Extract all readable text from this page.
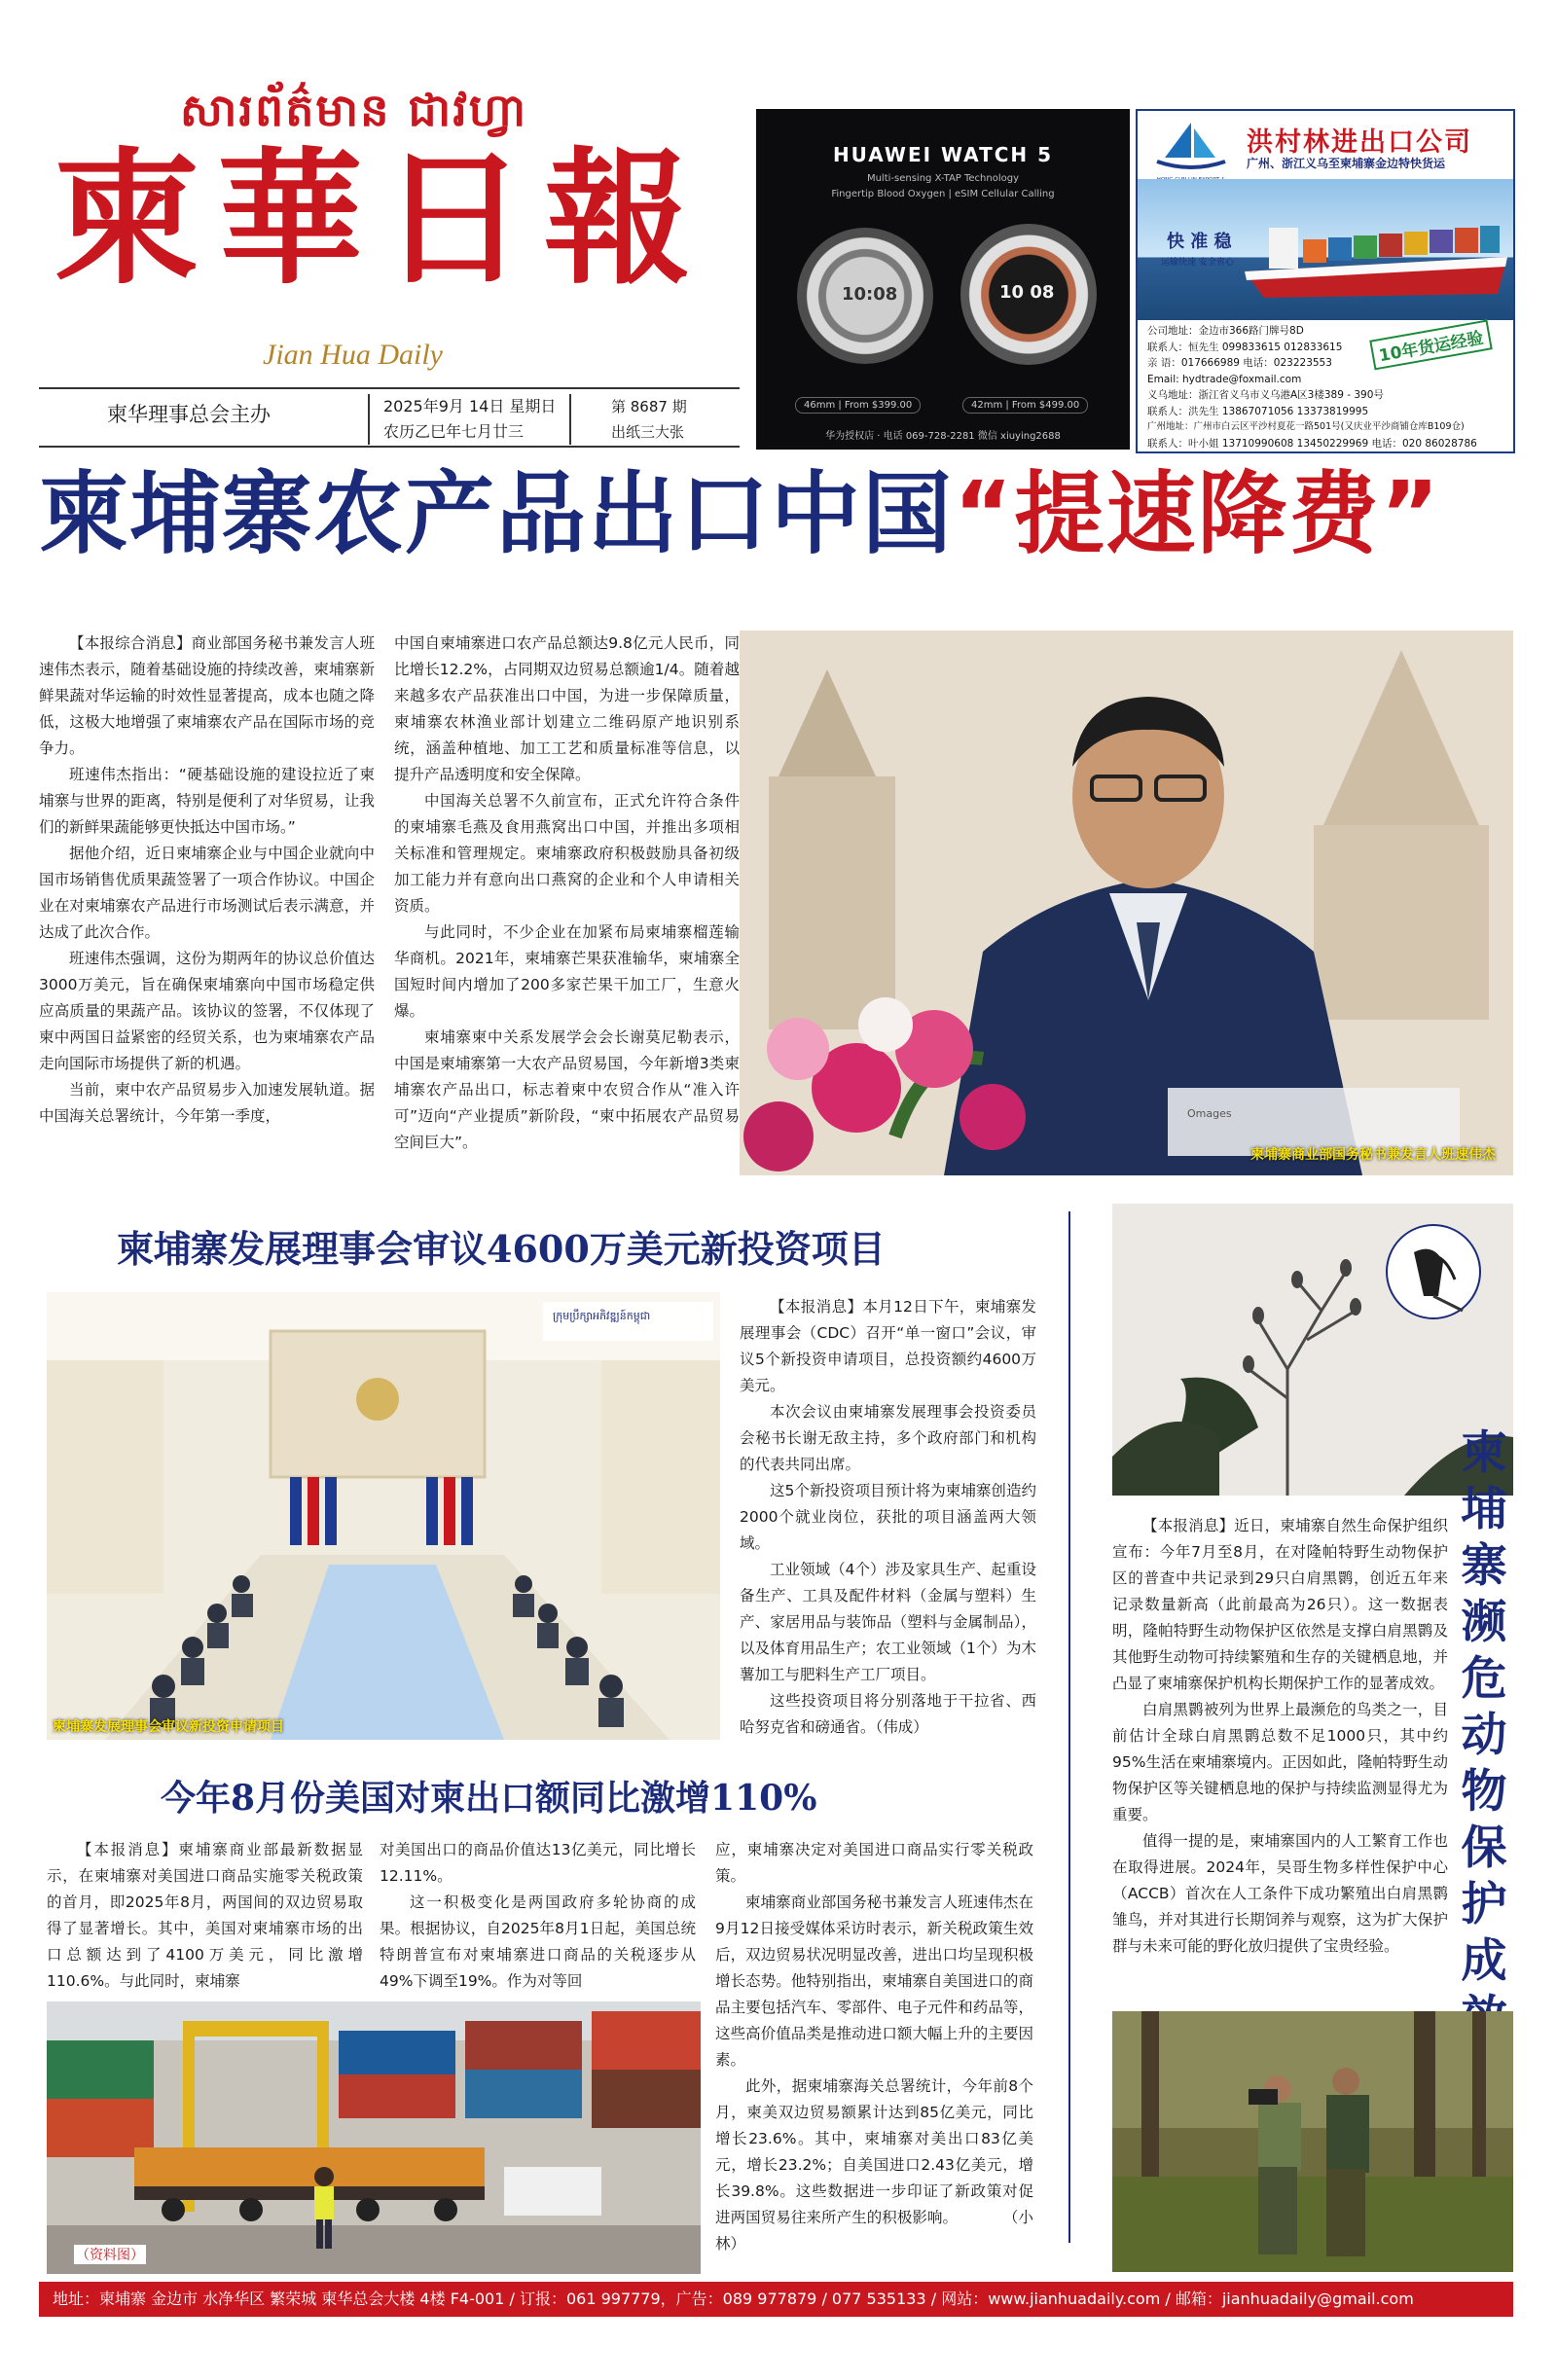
សារព័ត៌មាន ជាវហ្វា
柬華日報
Jian Hua Daily
柬华理事总会主办	2025年9月 14日 星期日
农历乙巳年七月廿三
第 8687 期
出纸三大张
HUAWEI WATCH 5
Multi-sensing X-TAP Technology
Fingertip Blood Oxygen | eSIM Cellular Calling
10:08	10 08
46mm | From $399.00	42mm | From $499.00
华为授权店 · 电话 069-728-2281 微信 xiuying2688
洪村林进出口公司
广州、浙江义乌至柬埔寨金边特快货运
快 准 稳
运输快速 安全省心
公司地址：金边市366路门牌号8D
联系人：恒先生 099833615 012833615
亲 语：017666989 电话：023223553
Email: hydtrade@foxmail.com
义乌地址：浙江省义乌市义乌港A区3楼389 - 390号
联系人：洪先生 13867071056 13373819995
广州地址：广州市白云区平沙村夏花一路501号(又庆业平沙商铺仓库B109仓)
联系人：叶小姐 13710990608 13450229969 电话：020 86028786
10年货运经验
柬埔寨农产品出口中国“提速降费”

【本报综合消息】商业部国务秘书兼发言人班速伟杰表示，随着基础设施的持续改善，柬埔寨新鲜果蔬对华运输的时效性显著提高，成本也随之降低，这极大地增强了柬埔寨农产品在国际市场的竞争力。

班速伟杰指出：“硬基础设施的建设拉近了柬埔寨与世界的距离，特别是便利了对华贸易，让我们的新鲜果蔬能够更快抵达中国市场。”

据他介绍，近日柬埔寨企业与中国企业就向中国市场销售优质果蔬签署了一项合作协议。中国企业在对柬埔寨农产品进行市场测试后表示满意，并达成了此次合作。

班速伟杰强调，这份为期两年的协议总价值达3000万美元，旨在确保柬埔寨向中国市场稳定供应高质量的果蔬产品。该协议的签署，不仅体现了柬中两国日益紧密的经贸关系，也为柬埔寨农产品走向国际市场提供了新的机遇。

当前，柬中农产品贸易步入加速发展轨道。据中国海关总署统计，今年第一季度，

中国自柬埔寨进口农产品总额达9.8亿元人民币，同比增长12.2%，占同期双边贸易总额逾1/4。随着越来越多农产品获准出口中国，为进一步保障质量，柬埔寨农林渔业部计划建立二维码原产地识别系统，涵盖种植地、加工工艺和质量标准等信息，以提升产品透明度和安全保障。

中国海关总署不久前宣布，正式允许符合条件的柬埔寨毛燕及食用燕窝出口中国，并推出多项相关标准和管理规定。柬埔寨政府积极鼓励具备初级加工能力并有意向出口燕窝的企业和个人申请相关资质。

与此同时，不少企业在加紧布局柬埔寨榴莲输华商机。2021年，柬埔寨芒果获准输华，柬埔寨全国短时间内增加了200多家芒果干加工厂，生意火爆。

柬埔寨柬中关系发展学会会长谢莫尼勒表示，中国是柬埔寨第一大农产品贸易国，今年新增3类柬埔寨农产品出口，标志着柬中农贸合作从“准入许可”迈向“产业提质”新阶段，“柬中拓展农产品贸易空间巨大”。

Omages
柬埔寨商业部国务秘书兼发言人班速伟杰
柬埔寨发展理事会审议4600万美元新投资项目
ក្រុមប្រឹក្សាអភិវឌ្ឍន៍កម្ពុជា
柬埔寨发展理事会审议新投资申请项目

【本报消息】本月12日下午，柬埔寨发展理事会（CDC）召开“单一窗口”会议，审议5个新投资申请项目，总投资额约4600万美元。

本次会议由柬埔寨发展理事会投资委员会秘书长谢无敌主持，多个政府部门和机构的代表共同出席。

这5个新投资项目预计将为柬埔寨创造约2000个就业岗位，获批的项目涵盖两大领域。

工业领域（4个）涉及家具生产、起重设备生产、工具及配件材料（金属与塑料）生产、家居用品与装饰品（塑料与金属制品），以及体育用品生产；农工业领域（1个）为木薯加工与肥料生产工厂项目。

这些投资项目将分别落地于干拉省、西哈努克省和磅通省。（伟成）

今年8月份美国对柬出口额同比激增110%

【本报消息】柬埔寨商业部最新数据显示，在柬埔寨对美国进口商品实施零关税政策的首月，即2025年8月，两国间的双边贸易取得了显著增长。其中，美国对柬埔寨市场的出口总额达到了4100万美元，同比激增110.6%。与此同时，柬埔寨

对美国出口的商品价值达13亿美元，同比增长12.11%。

这一积极变化是两国政府多轮协商的成果。根据协议，自2025年8月1日起，美国总统特朗普宣布对柬埔寨进口商品的关税逐步从49%下调至19%。作为对等回

应，柬埔寨决定对美国进口商品实行零关税政策。

柬埔寨商业部国务秘书兼发言人班速伟杰在9月12日接受媒体采访时表示，新关税政策生效后，双边贸易状况明显改善，进出口均呈现积极增长态势。他特别指出，柬埔寨自美国进口的商品主要包括汽车、零部件、电子元件和药品等，这些高价值品类是推动进口额大幅上升的主要因素。

此外，据柬埔寨海关总署统计，今年前8个月，柬美双边贸易额累计达到85亿美元，同比增长23.6%。其中，柬埔寨对美出口83亿美元，增长23.2%；自美国进口2.43亿美元，增长39.8%。这些数据进一步印证了新政策对促进两国贸易往来所产生的积极影响。　　　　（小林）

（资料图）
柬埔寨濒危动物保护成

【本报消息】近日，柬埔寨自然生命保护组织宣布：今年7月至8月，在对隆帕特野生动物保护区的普查中共记录到29只白肩黑鹮，创近五年来记录数量新高（此前最高为26只）。这一数据表明，隆帕特野生动物保护区依然是支撑白肩黑鹮及其他野生动物可持续繁殖和生存的关键栖息地，并凸显了柬埔寨保护机构长期保护工作的显著成效。

白肩黑鹮被列为世界上最濒危的鸟类之一，目前估计全球白肩黑鹮总数不足1000只，其中约95%生活在柬埔寨境内。正因如此，隆帕特野生动物保护区等关键栖息地的保护与持续监测显得尤为重要。

值得一提的是，柬埔寨国内的人工繁育工作也在取得进展。2024年，吴哥生物多样性保护中心（ACCB）首次在人工条件下成功繁殖出白肩黑鹮雏鸟，并对其进行长期饲养与观察，这为扩大保护群与未来可能的野化放归提供了宝贵经验。

地址：柬埔寨 金边市 水净华区 繁荣城 柬华总会大楼 4楼 F4-001 / 订报：061 997779，广告：089 977879 / 077 535133 / 网站：www.jianhuadaily.com / 邮箱：jianhuadaily@gmail.com
